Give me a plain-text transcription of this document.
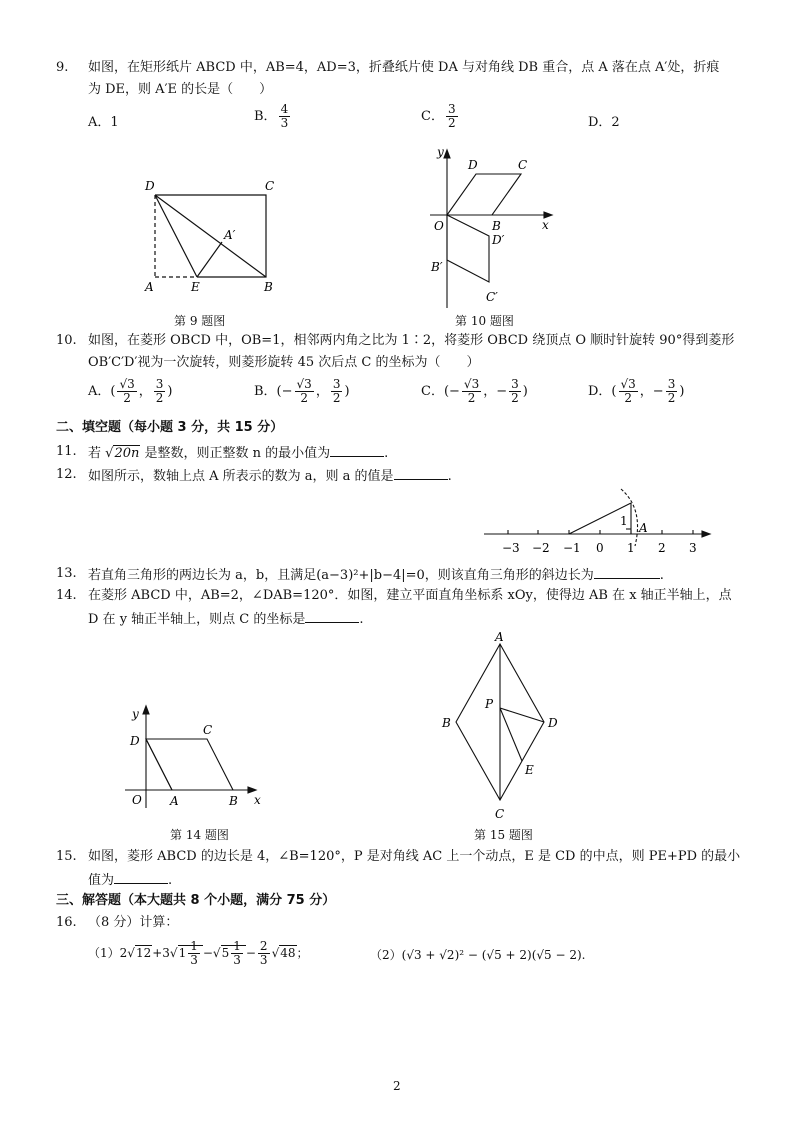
9. 如图，在矩形纸片 ABCD 中，AB=4，AD=3，折叠纸片使 DA 与对角线 DB 重合，点 A 落在点 A′处，折痕
为 DE，则 A′E 的长是（　　）
A．1	B． $\frac{4}{3}$	C． $\frac{3}{2}$	D．2
D	C
A′
A	E	B
第 9 题图
y
x
O
D	C
B
D′
B′
C′
第 10 题图
10. 如图，在菱形 OBCD 中，OB=1，相邻两内角之比为 1∶2，将菱形 OBCD 绕顶点 O 顺时针旋转 90°得到菱形
OB′C′D′视为一次旋转，则菱形旋转 45 次后点 C 的坐标为（　　）
A．( $\frac{√3}{2}$ ， $\frac{3}{2}$ )	B．(− $\frac{√3}{2}$ ， $\frac{3}{2}$ )	C．(− $\frac{√3}{2}$ ，− $\frac{3}{2}$ )	D．( $\frac{√3}{2}$ ，− $\frac{3}{2}$ )
二、填空题（每小题 3 分，共 15 分）
11. 若 √20n 是整数，则正整数 n 的最小值为	.
12. 如图所示，数轴上点 A 所表示的数为 a，则 a 的值是	.
−3 −2 −1 0 1 2 3
1 A
13. 若直角三角形的两边长为 a，b，且满足(a−3)²+|b−4|=0，则该直角三角形的斜边长为	.
14. 在菱形 ABCD 中，AB=2，∠DAB=120°．如图，建立平面直角坐标系 xOy，使得边 AB 在 x 轴正半轴上，点
D 在 y 轴正半轴上，则点 C 的坐标是	.
y
x
O A	B
C
D
第 14 题图
A
B	D
P
E
C
第 15 题图
15. 如图，菱形 ABCD 的边长是 4，∠B=120°，P 是对角线 AC 上一个动点，E 是 CD 的中点，则 PE+PD 的最小
值为	.
三、解答题（本大题共 8 个小题，满分 75 分）
16. （8 分）计算：
$(1)2√12+3√1 \frac{1}{3} -√5 \frac{1}{3} - \frac{2}{3} √48$；	（2）(√3 + √2)² − (√5 + 2)(√5 − 2).
2
